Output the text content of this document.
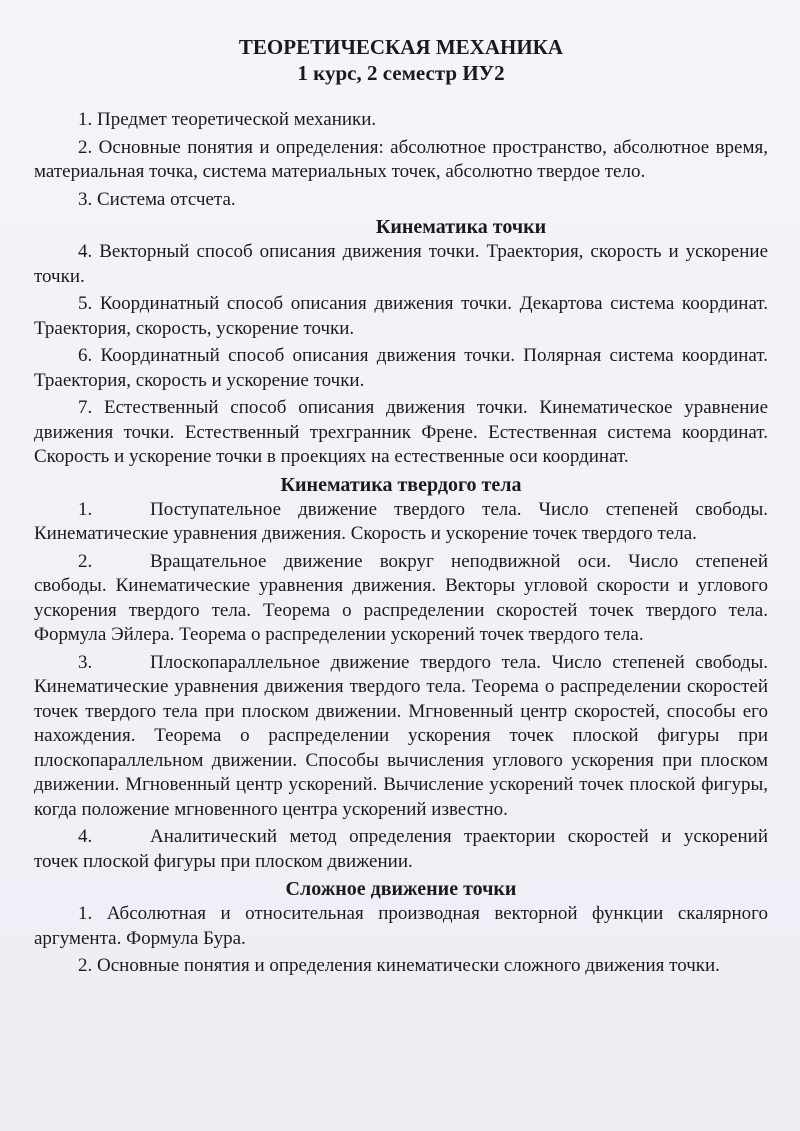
ТЕОРЕТИЧЕСКАЯ МЕХАНИКА

1 курс, 2 семестр ИУ2

1. Предмет теоретической механики.

2. Основные понятия и определения: абсолютное пространство, абсолютное время, материальная точка, система материальных точек, абсолютно твердое тело.

3. Система отсчета.

Кинематика точки

4. Векторный способ описания движения точки. Траектория, скорость и ускорение точки.

5. Координатный способ описания движения точки. Декартова система координат. Траектория, скорость, ускорение точки.

6. Координатный способ описания движения точки. Полярная система координат. Траектория, скорость и ускорение точки.

7. Естественный способ описания движения точки. Кинематическое уравнение движения точки. Естественный трехгранник Френе. Естественная система координат. Скорость и ускорение точки в проекциях на естественные оси координат.

Кинематика твердого тела

1.	Поступательное движение твердого тела. Число степеней свободы. Кинематические уравнения движения. Скорость и ускорение точек твердого тела.

2.	Вращательное движение вокруг неподвижной оси. Число степеней свободы. Кинематические уравнения движения. Векторы угловой скорости и углового ускорения твердого тела. Теорема о распределении скоростей точек твердого тела. Формула Эйлера. Теорема о распределении ускорений точек твердого тела.

3.	Плоскопараллельное движение твердого тела. Число степеней свободы. Кинематические уравнения движения твердого тела. Теорема о распределении скоростей точек твердого тела при плоском движении. Мгновенный центр скоростей, способы его нахождения. Теорема о распределении ускорения точек плоской фигуры при плоскопараллельном движении. Способы вычисления углового ускорения при плоском движении. Мгновенный центр ускорений. Вычисление ускорений точек плоской фигуры, когда положение мгновенного центра ускорений известно.

4.	Аналитический метод определения траектории скоростей и ускорений точек плоской фигуры при плоском движении.

Сложное движение точки

1. Абсолютная и относительная производная векторной функции скалярного аргумента. Формула Бура.

2. Основные понятия и определения кинематически сложного движения точки.
